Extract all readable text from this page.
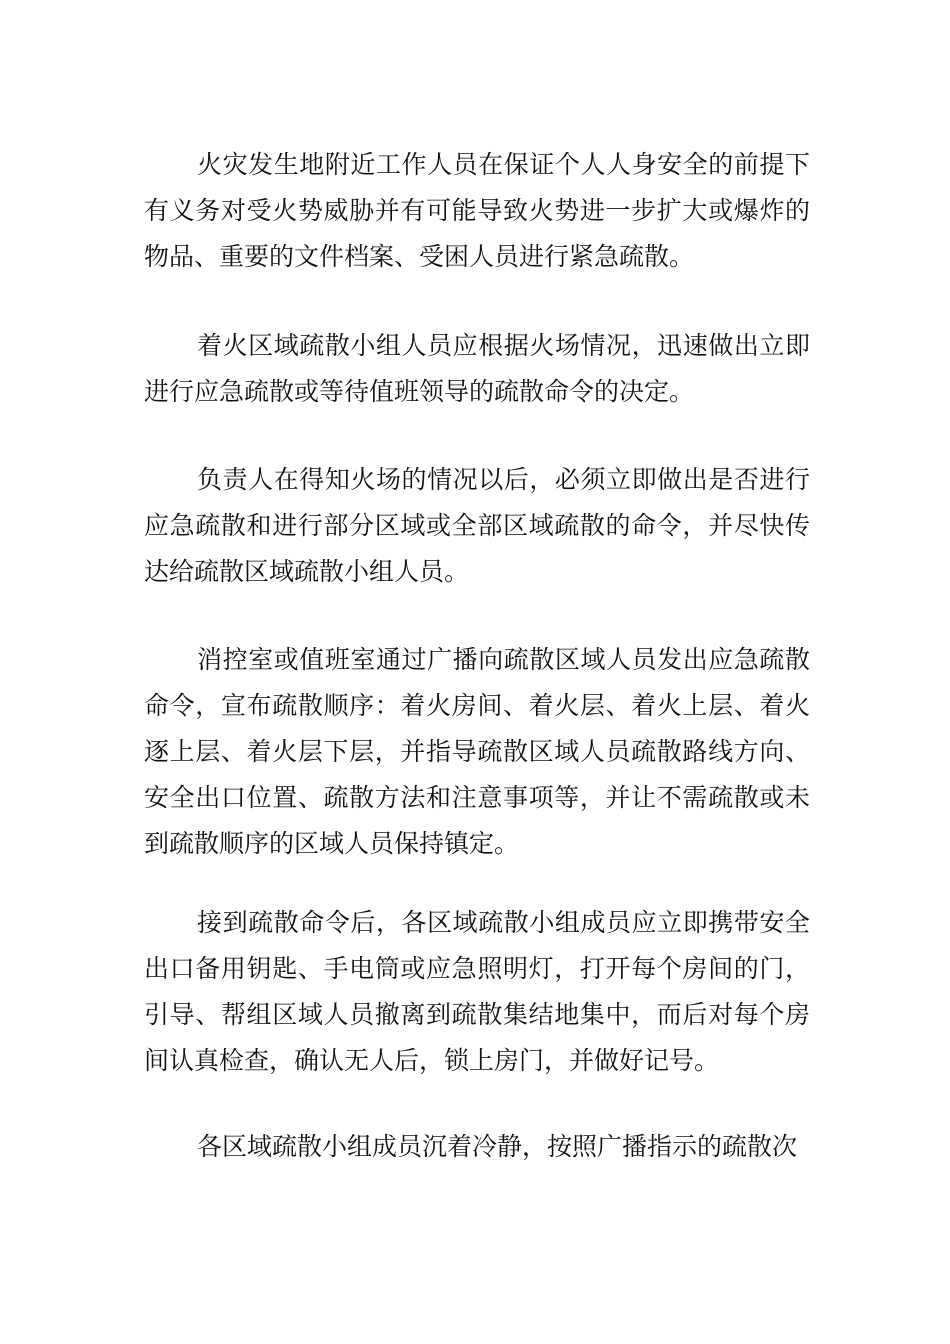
火灾发生地附近工作人员在保证个人人身安全的前提下有义务对受火势威胁并有可能导致火势进一步扩大或爆炸的物品、重要的文件档案、受困人员进行紧急疏散。

着火区域疏散小组人员应根据火场情况，迅速做出立即进行应急疏散或等待值班领导的疏散命令的决定。

负责人在得知火场的情况以后，必须立即做出是否进行应急疏散和进行部分区域或全部区域疏散的命令，并尽快传达给疏散区域疏散小组人员。

消控室或值班室通过广播向疏散区域人员发出应急疏散命令，宣布疏散顺序：着火房间、着火层、着火上层、着火逐上层、着火层下层，并指导疏散区域人员疏散路线方向、安全出口位置、疏散方法和注意事项等，并让不需疏散或未到疏散顺序的区域人员保持镇定。

接到疏散命令后，各区域疏散小组成员应立即携带安全出口备用钥匙、手电筒或应急照明灯，打开每个房间的门，引导、帮组区域人员撤离到疏散集结地集中，而后对每个房间认真检查，确认无人后，锁上房门，并做好记号。

各区域疏散小组成员沉着冷静，按照广播指示的疏散次
